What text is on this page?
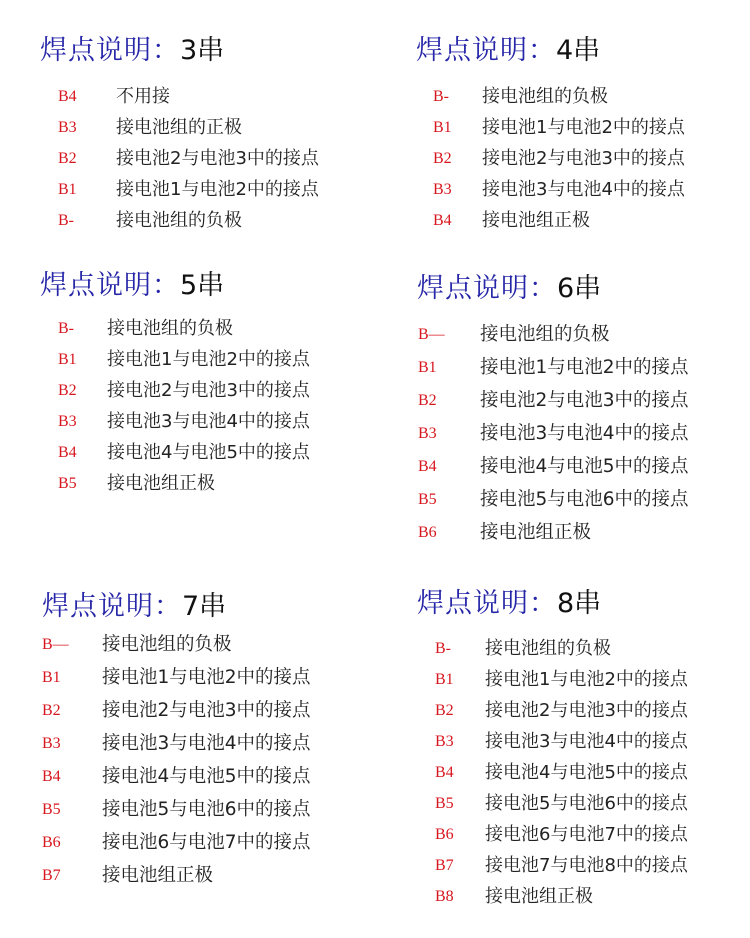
焊点说明：3串
B4 不用接
B3 接电池组的正极
B2 接电池2与电池3中的接点
B1 接电池1与电池2中的接点
B- 接电池组的负极
焊点说明：4串
B- 接电池组的负极
B1 接电池1与电池2中的接点
B2 接电池2与电池3中的接点
B3 接电池3与电池4中的接点
B4 接电池组正极
焊点说明：5串
B- 接电池组的负极
B1 接电池1与电池2中的接点
B2 接电池2与电池3中的接点
B3 接电池3与电池4中的接点
B4 接电池4与电池5中的接点
B5 接电池组正极
焊点说明：6串
B— 接电池组的负极
B1 接电池1与电池2中的接点
B2 接电池2与电池3中的接点
B3 接电池3与电池4中的接点
B4 接电池4与电池5中的接点
B5 接电池5与电池6中的接点
B6 接电池组正极
焊点说明：7串
B— 接电池组的负极
B1 接电池1与电池2中的接点
B2 接电池2与电池3中的接点
B3 接电池3与电池4中的接点
B4 接电池4与电池5中的接点
B5 接电池5与电池6中的接点
B6 接电池6与电池7中的接点
B7 接电池组正极
焊点说明：8串
B- 接电池组的负极
B1 接电池1与电池2中的接点
B2 接电池2与电池3中的接点
B3 接电池3与电池4中的接点
B4 接电池4与电池5中的接点
B5 接电池5与电池6中的接点
B6 接电池6与电池7中的接点
B7 接电池7与电池8中的接点
B8 接电池组正极
